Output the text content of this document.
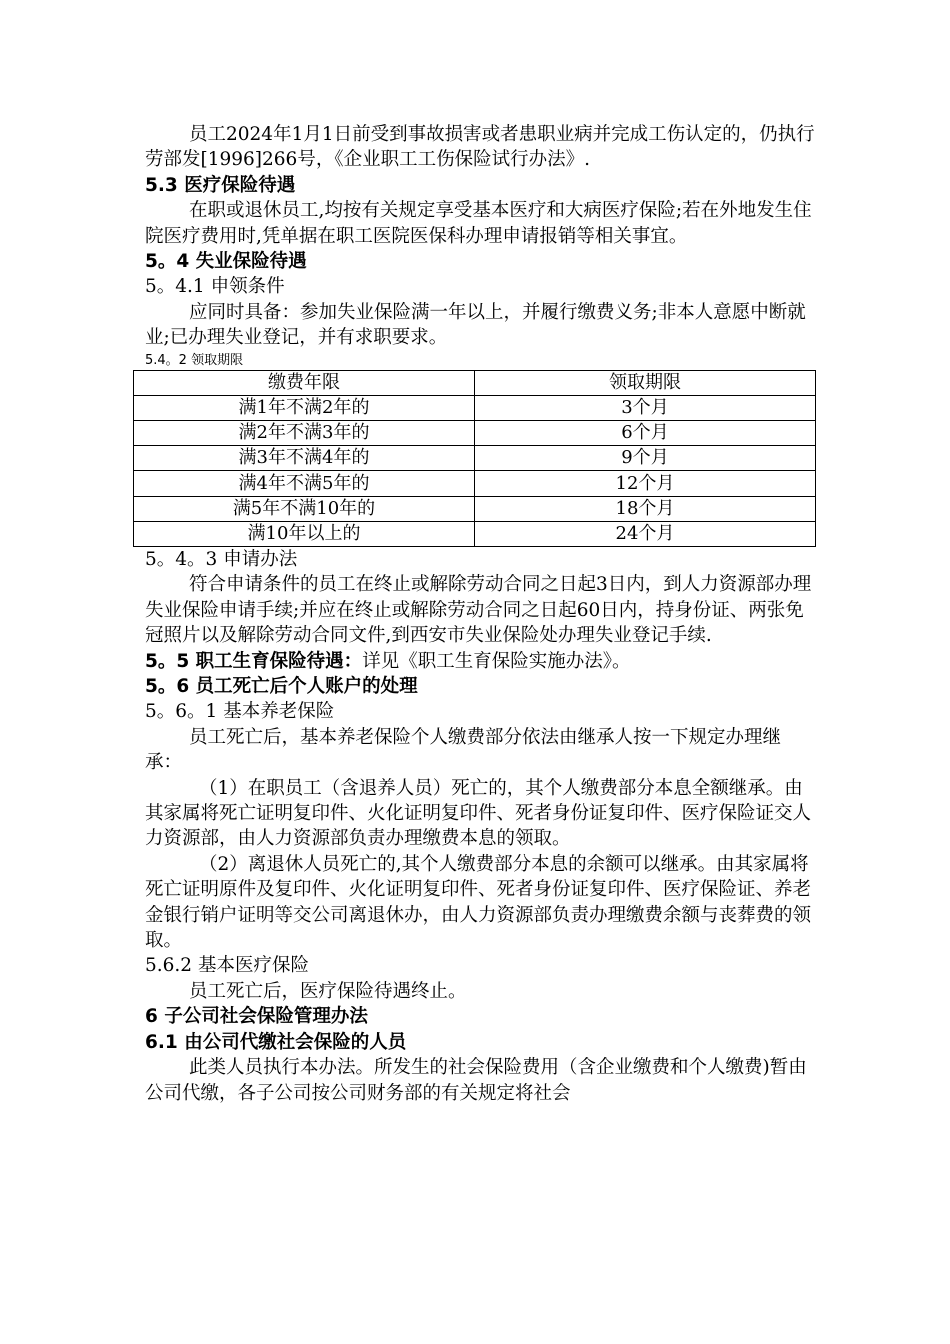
员工2024年1月1日前受到事故损害或者患职业病并完成工伤认定的，仍执行劳部发[1996]266号，《企业职工工伤保险试行办法》.

5.3 医疗保险待遇

在职或退休员工,均按有关规定享受基本医疗和大病医疗保险;若在外地发生住院医疗费用时,凭单据在职工医院医保科办理申请报销等相关事宜。

5。4 失业保险待遇

5。4.1 申领条件

应同时具备：参加失业保险满一年以上，并履行缴费义务;非本人意愿中断就业;已办理失业登记，并有求职要求。

5.4。2 领取期限

缴费年限	领取期限
满1年不满2年的	3个月
满2年不满3年的	6个月
满3年不满4年的	9个月
满4年不满5年的	12个月
满5年不满10年的	18个月
满10年以上的	24个月

5。4。3 申请办法

符合申请条件的员工在终止或解除劳动合同之日起3日内，到人力资源部办理失业保险申请手续;并应在终止或解除劳动合同之日起60日内，持身份证、两张免冠照片以及解除劳动合同文件,到西安市失业保险处办理失业登记手续.

5。5 职工生育保险待遇：详见《职工生育保险实施办法》。

5。6 员工死亡后个人账户的处理

5。6。1 基本养老保险

员工死亡后，基本养老保险个人缴费部分依法由继承人按一下规定办理继承：

（1）在职员工（含退养人员）死亡的，其个人缴费部分本息全额继承。由其家属将死亡证明复印件、火化证明复印件、死者身份证复印件、医疗保险证交人力资源部，由人力资源部负责办理缴费本息的领取。

（2）离退休人员死亡的,其个人缴费部分本息的余额可以继承。由其家属将死亡证明原件及复印件、火化证明复印件、死者身份证复印件、医疗保险证、养老金银行销户证明等交公司离退休办，由人力资源部负责办理缴费余额与丧葬费的领取。

5.6.2 基本医疗保险

员工死亡后，医疗保险待遇终止。

6 子公司社会保险管理办法

6.1 由公司代缴社会保险的人员

此类人员执行本办法。所发生的社会保险费用（含企业缴费和个人缴费)暂由公司代缴，各子公司按公司财务部的有关规定将社会
